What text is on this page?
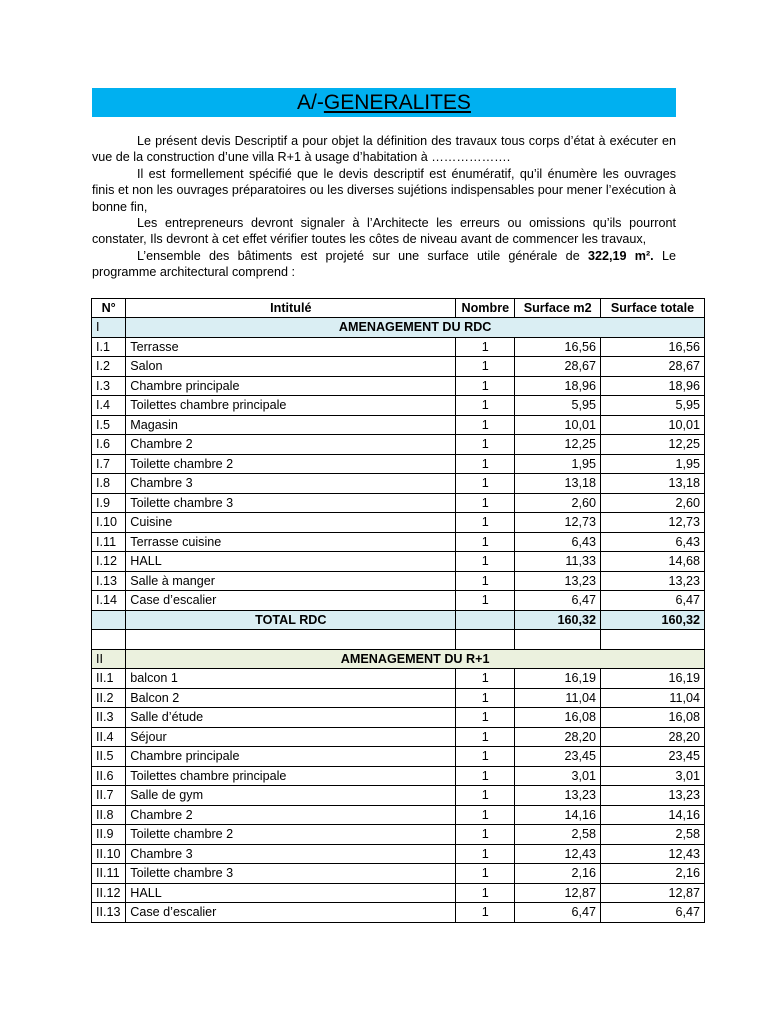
A/-GENERALITES

Le présent devis Descriptif a pour objet la définition des travaux tous corps d’état à exécuter en vue de la construction d’une villa R+1 à usage d’habitation à ……………….

Il est formellement spécifié que le devis descriptif est énumératif, qu’il énumère les ouvrages finis et non les ouvrages préparatoires ou les diverses sujétions indispensables pour mener l’exécution à bonne fin,

Les entrepreneurs devront signaler à l’Architecte les erreurs ou omissions qu’ils pourront constater, Ils devront à cet effet vérifier toutes les côtes de niveau avant de commencer les travaux,

L’ensemble des bâtiments est projeté sur une surface utile générale de 322,19 m². Le programme architectural comprend :

N°	Intitulé	Nombre	Surface m2	Surface totale
I	AMENAGEMENT DU RDC			
I.1	Terrasse	1	16,56	16,56
I.2	Salon	1	28,67	28,67
I.3	Chambre principale	1	18,96	18,96
I.4	Toilettes chambre principale	1	5,95	5,95
I.5	Magasin	1	10,01	10,01
I.6	Chambre 2	1	12,25	12,25
I.7	Toilette chambre 2	1	1,95	1,95
I.8	Chambre 3	1	13,18	13,18
I.9	Toilette chambre 3	1	2,60	2,60
I.10	Cuisine	1	12,73	12,73
I.11	Terrasse cuisine	1	6,43	6,43
I.12	HALL	1	11,33	14,68
I.13	Salle à manger	1	13,23	13,23
I.14	Case d’escalier	1	6,47	6,47
	TOTAL RDC		160,32	160,32

II	AMENAGEMENT DU R+1			
II.1	balcon 1	1	16,19	16,19
II.2	Balcon 2	1	11,04	11,04
II.3	Salle d’étude	1	16,08	16,08
II.4	Séjour	1	28,20	28,20
II.5	Chambre principale	1	23,45	23,45
II.6	Toilettes chambre principale	1	3,01	3,01
II.7	Salle de gym	1	13,23	13,23
II.8	Chambre 2	1	14,16	14,16
II.9	Toilette chambre 2	1	2,58	2,58
II.10	Chambre 3	1	12,43	12,43
II.11	Toilette chambre 3	1	2,16	2,16
II.12	HALL	1	12,87	12,87
II.13	Case d’escalier	1	6,47	6,47
